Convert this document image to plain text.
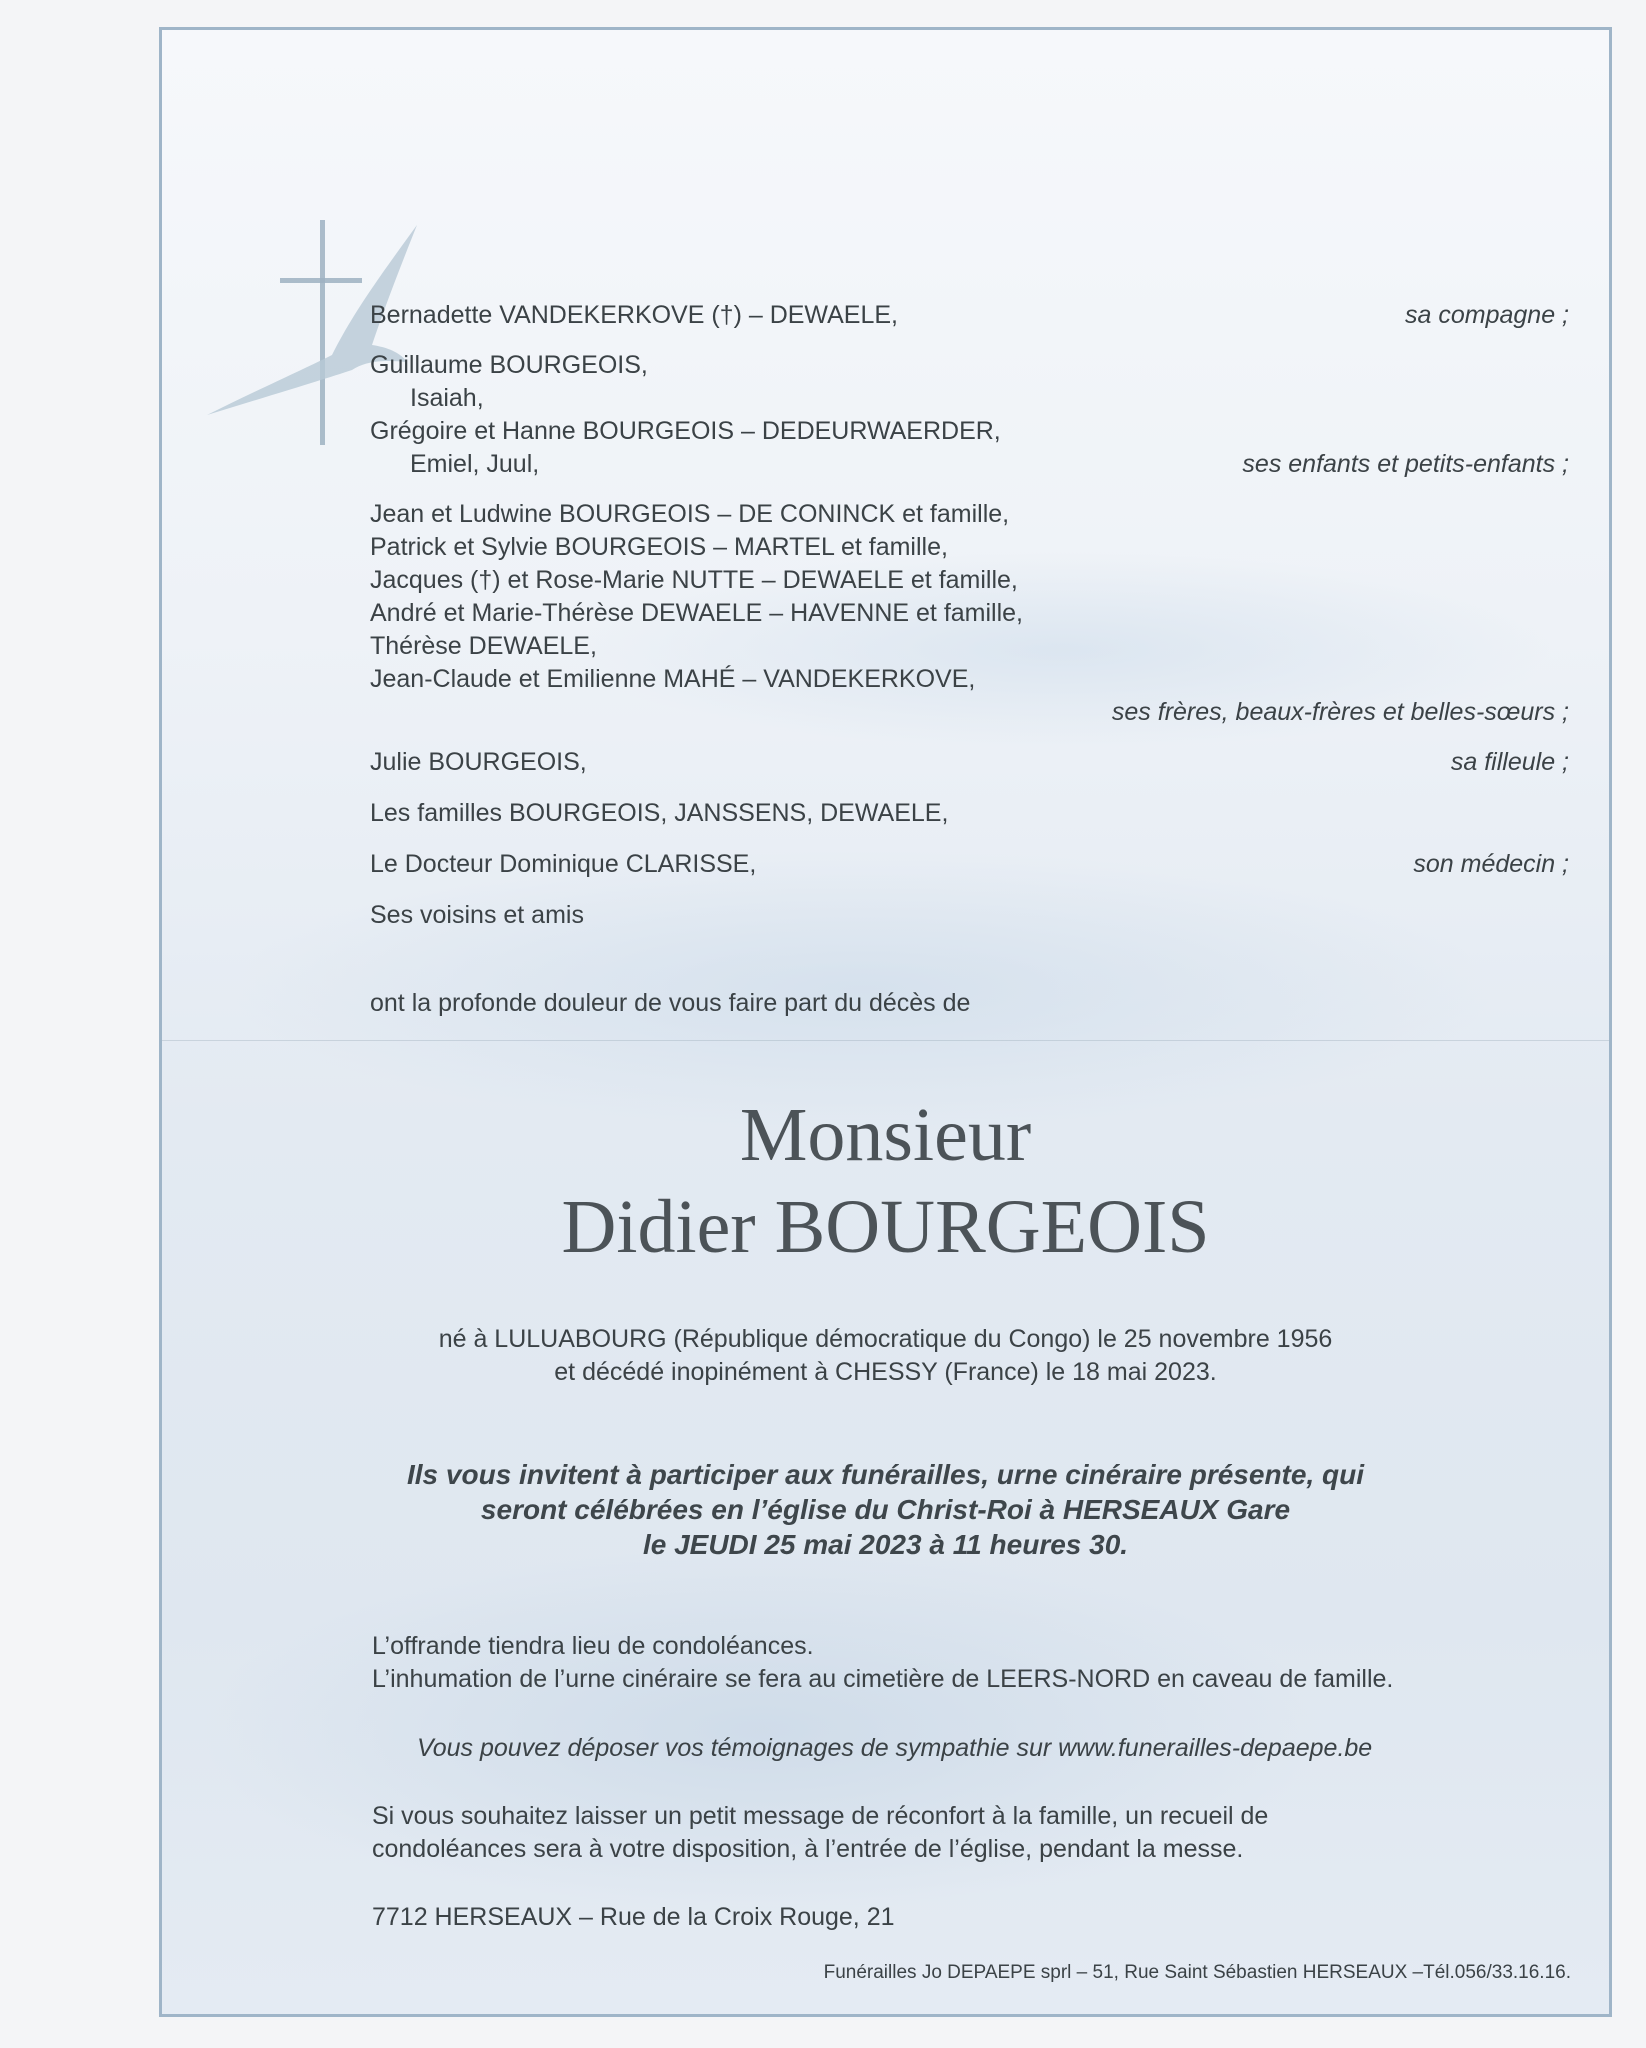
Bernadette VANDEKERKOVE (†) – DEWAELE,	sa compagne ;
Guillaume BOURGEOIS,
Isaiah,
Grégoire et Hanne BOURGEOIS – DEDEURWAERDER,
Emiel, Juul,	ses enfants et petits-enfants ;
Jean et Ludwine BOURGEOIS – DE CONINCK et famille,
Patrick et Sylvie BOURGEOIS – MARTEL et famille,
Jacques (†) et Rose-Marie NUTTE – DEWAELE et famille,
André et Marie-Thérèse DEWAELE – HAVENNE et famille,
Thérèse DEWAELE,
Jean-Claude et Emilienne MAHÉ – VANDEKERKOVE,
ses frères, beaux-frères et belles-sœurs ;
Julie BOURGEOIS,	sa filleule ;
Les familles BOURGEOIS, JANSSENS, DEWAELE,
Le Docteur Dominique CLARISSE,	son médecin ;
Ses voisins et amis
ont la profonde douleur de vous faire part du décès de
Monsieur
Didier BOURGEOIS
né à LULUABOURG (République démocratique du Congo) le 25 novembre 1956
et décédé inopinément à CHESSY (France) le 18 mai 2023.
Ils vous invitent à participer aux funérailles, urne cinéraire présente, qui
seront célébrées en l’église du Christ-Roi à HERSEAUX Gare
le JEUDI 25 mai 2023 à 11 heures 30.
L’offrande tiendra lieu de condoléances.
L’inhumation de l’urne cinéraire se fera au cimetière de LEERS-NORD en caveau de famille.
Vous pouvez déposer vos témoignages de sympathie sur www.funerailles-depaepe.be
Si vous souhaitez laisser un petit message de réconfort à la famille, un recueil de
condoléances sera à votre disposition, à l’entrée de l’église, pendant la messe.
7712 HERSEAUX – Rue de la Croix Rouge, 21
Funérailles Jo DEPAEPE sprl – 51, Rue Saint Sébastien HERSEAUX –Tél.056/33.16.16.
